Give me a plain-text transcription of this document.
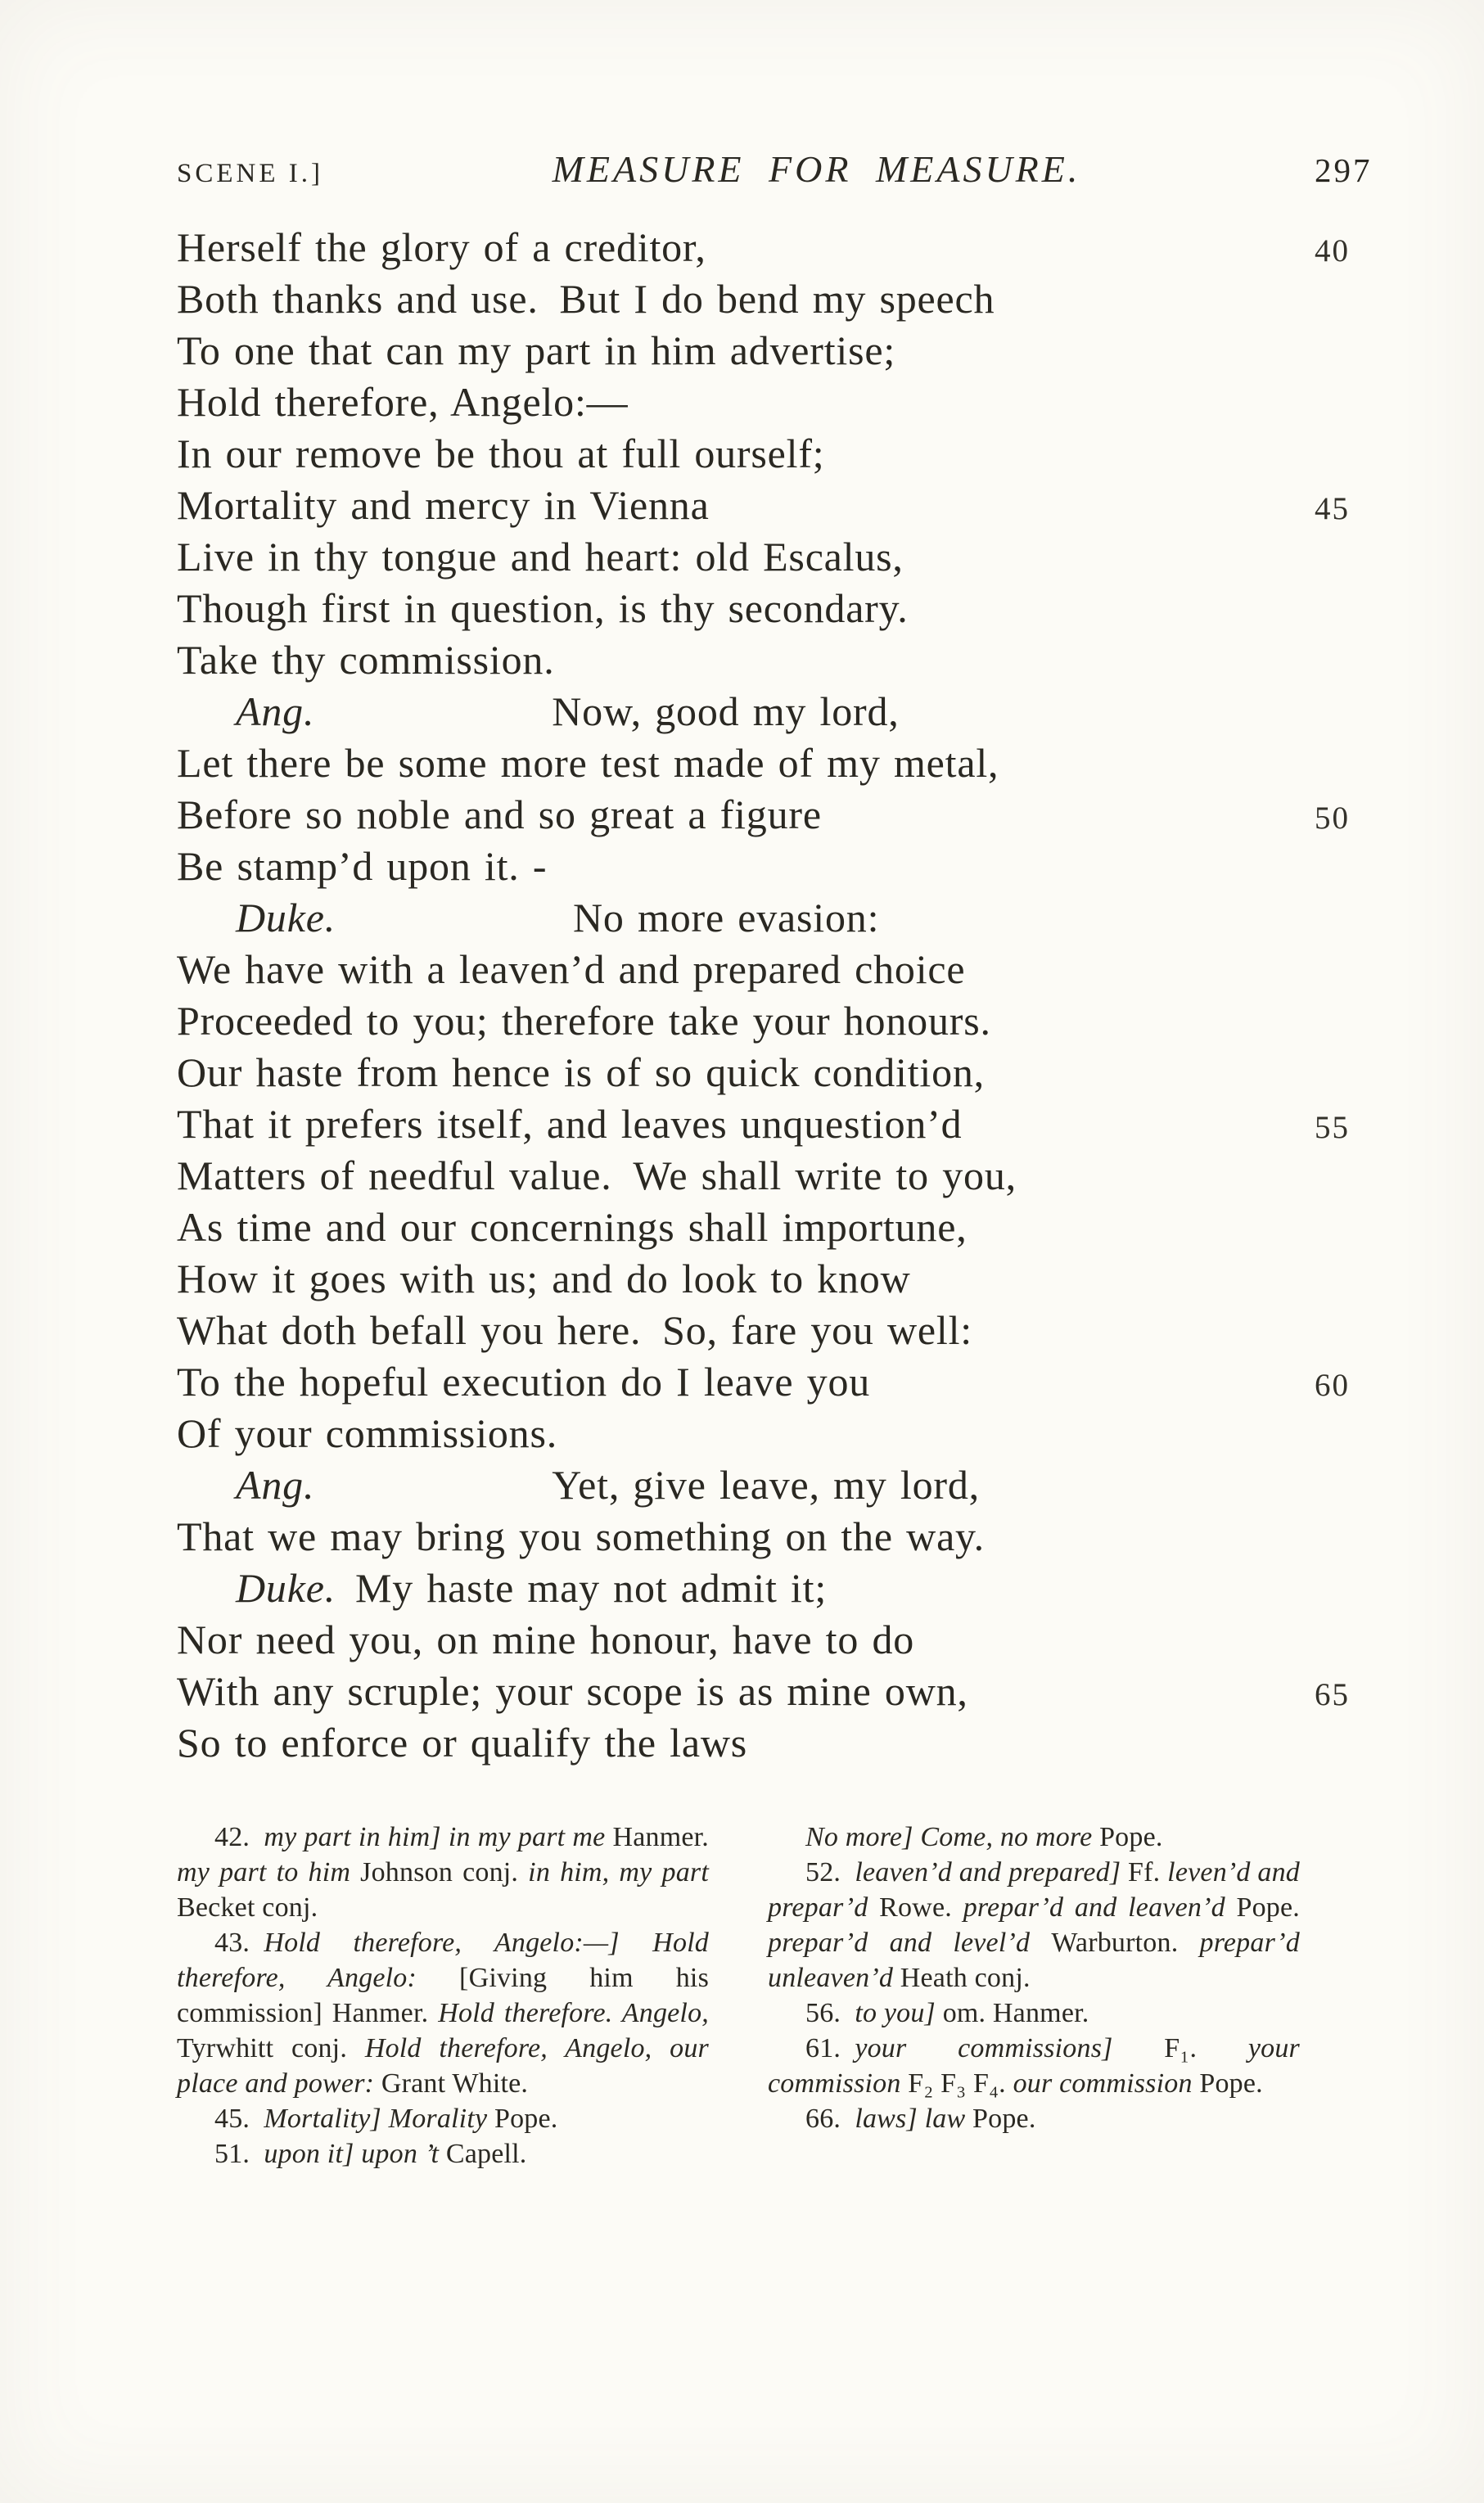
SCENE I.]	MEASURE FOR MEASURE.	297
Herself the glory of a creditor,	40
Both thanks and use. But I do bend my speech
To one that can my part in him advertise;
Hold therefore, Angelo:—
In our remove be thou at full ourself;
Mortality and mercy in Vienna	45
Live in thy tongue and heart: old Escalus,
Though first in question, is thy secondary.
Take thy commission.
Ang.	Now, good my lord,
Let there be some more test made of my metal,
Before so noble and so great a figure	50
Be stamp’d upon it. -
Duke.	No more evasion:
We have with a leaven’d and prepared choice
Proceeded to you; therefore take your honours.
Our haste from hence is of so quick condition,
That it prefers itself, and leaves unquestion’d	55
Matters of needful value. We shall write to you,
As time and our concernings shall importune,
How it goes with us; and do look to know
What doth befall you here. So, fare you well:
To the hopeful execution do I leave you	60
Of your commissions.
Ang.	Yet, give leave, my lord,
That we may bring you something on the way.
Duke. My haste may not admit it;
Nor need you, on mine honour, have to do
With any scruple; your scope is as mine own,	65
So to enforce or qualify the laws

42. my part in him] in my part me Hanmer. my part to him Johnson conj. in him, my part Becket conj.

43. Hold therefore, Angelo:—] Hold therefore, Angelo: [Giving him his commission] Hanmer. Hold therefore. Angelo, Tyrwhitt conj. Hold therefore, Angelo, our place and power: Grant White.

45. Mortality] Morality Pope.

51. upon it] upon ’t Capell.

No more] Come, no more Pope.

52. leaven’d and prepared] Ff. leven’d and prepar’d Rowe. prepar’d and leaven’d Pope. prepar’d and level’d Warburton. prepar’d unleaven’d Heath conj.

56. to you] om. Hanmer.

61. your commissions] F₁. your commission F₂ F₃ F₄. our commission Pope.

66. laws] law Pope.
